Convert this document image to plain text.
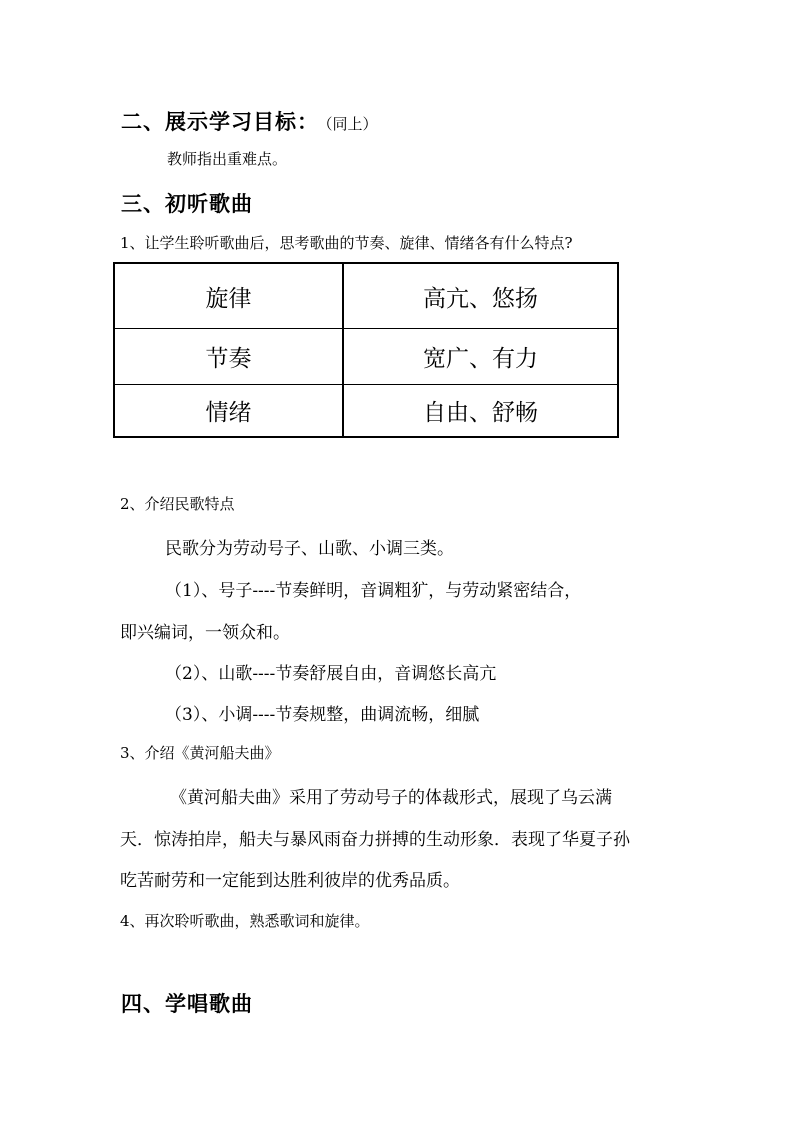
二、展示学习目标： （同上）
教师指出重难点。
三、初听歌曲
1、让学生聆听歌曲后，思考歌曲的节奏、旋律、情绪各有什么特点?
旋律	高亢、悠扬
节奏	宽广、有力
情绪	自由、舒畅
2、介绍民歌特点
民歌分为劳动号子、山歌、小调三类。
（1）、号子----节奏鲜明，音调粗犷，与劳动紧密结合，
即兴编词，一领众和。
（2）、山歌----节奏舒展自由，音调悠长高亢
（3）、小调----节奏规整，曲调流畅，细腻
3、介绍《黄河船夫曲》
《黄河船夫曲》采用了劳动号子的体裁形式，展现了乌云满
天．惊涛拍岸，船夫与暴风雨奋力拼搏的生动形象．表现了华夏子孙
吃苦耐劳和一定能到达胜利彼岸的优秀品质。
4、再次聆听歌曲，熟悉歌词和旋律。
四、学唱歌曲
